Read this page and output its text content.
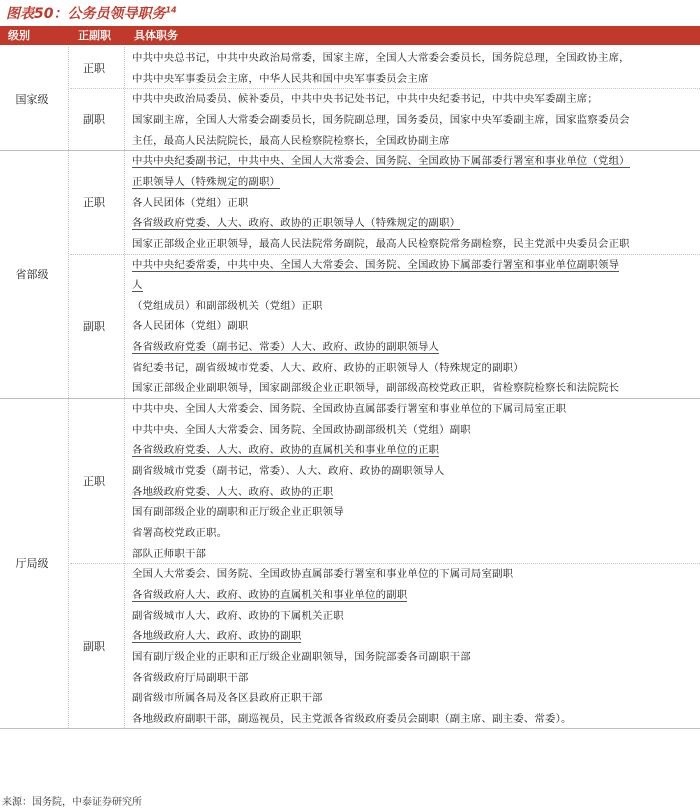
图表50：公务员领导职务$^{14}$
级别	正副职 具体职务
中共中央总书记，中共中央政治局常委，国家主席，全国人大常委会委员长，国务院总理，全国政协主席，
中共中央军事委员会主席，中华人民共和国中央军事委员会主席
正职
中共中央政治局委员、候补委员，中共中央书记处书记，中共中央纪委书记，中共中央军委副主席；
国家副主席，全国人大常委会副委员长，国务院副总理，国务委员，国家中央军委副主席，国家监察委员会
主任，最高人民法院院长，最高人民检察院检察长，全国政协副主席
副职
国家级
中共中央纪委副书记，中共中央、全国人大常委会、国务院、全国政协下属部委行署室和事业单位（党组）
正职领导人（特殊规定的副职）
各人民团体（党组）正职
各省级政府党委、人大、政府、政协的正职领导人（特殊规定的副职）
国家正部级企业正职领导，最高人民法院常务副院，最高人民检察院常务副检察，民主党派中央委员会正职
正职
中共中央纪委常委，中共中央、全国人大常委会、国务院、全国政协下属部委行署室和事业单位副职领导
人
（党组成员）和副部级机关（党组）正职
各人民团体（党组）副职
各省级政府党委（副书记、常委）人大、政府、政协的副职领导人
省纪委书记，副省级城市党委、人大、政府、政协的正职领导人（特殊规定的副职）
国家正部级企业副职领导，国家副部级企业正职领导，副部级高校党政正职，省检察院检察长和法院院长
副职
省部级
中共中央、全国人大常委会、国务院、全国政协直属部委行署室和事业单位的下属司局室正职
中共中央、全国人大常委会、国务院、全国政协副部级机关（党组）副职
各省级政府党委、人大、政府、政协的直属机关和事业单位的正职
副省级城市党委（副书记，常委）、人大、政府、政协的副职领导人
各地级政府党委、人大、政府、政协的正职
国有副部级企业的副职和正厅级企业正职领导
省署高校党政正职。
部队正师职干部
正职
全国人大常委会、国务院、全国政协直属部委行署室和事业单位的下属司局室副职
各省级政府人大、政府、政协的直属机关和事业单位的副职
副省级城市人大、政府、政协的下属机关正职
各地级政府人大、政府、政协的副职
国有副厅级企业的正职和正厅级企业副职领导，国务院部委各司副职干部
各省级政府厅局副职干部
副省级市所属各局及各区县政府正职干部
各地级政府副职干部，副巡视员，民主党派各省级政府委员会副职（副主席、副主委、常委）。
副职
厅局级
来源：国务院，中泰证券研究所
